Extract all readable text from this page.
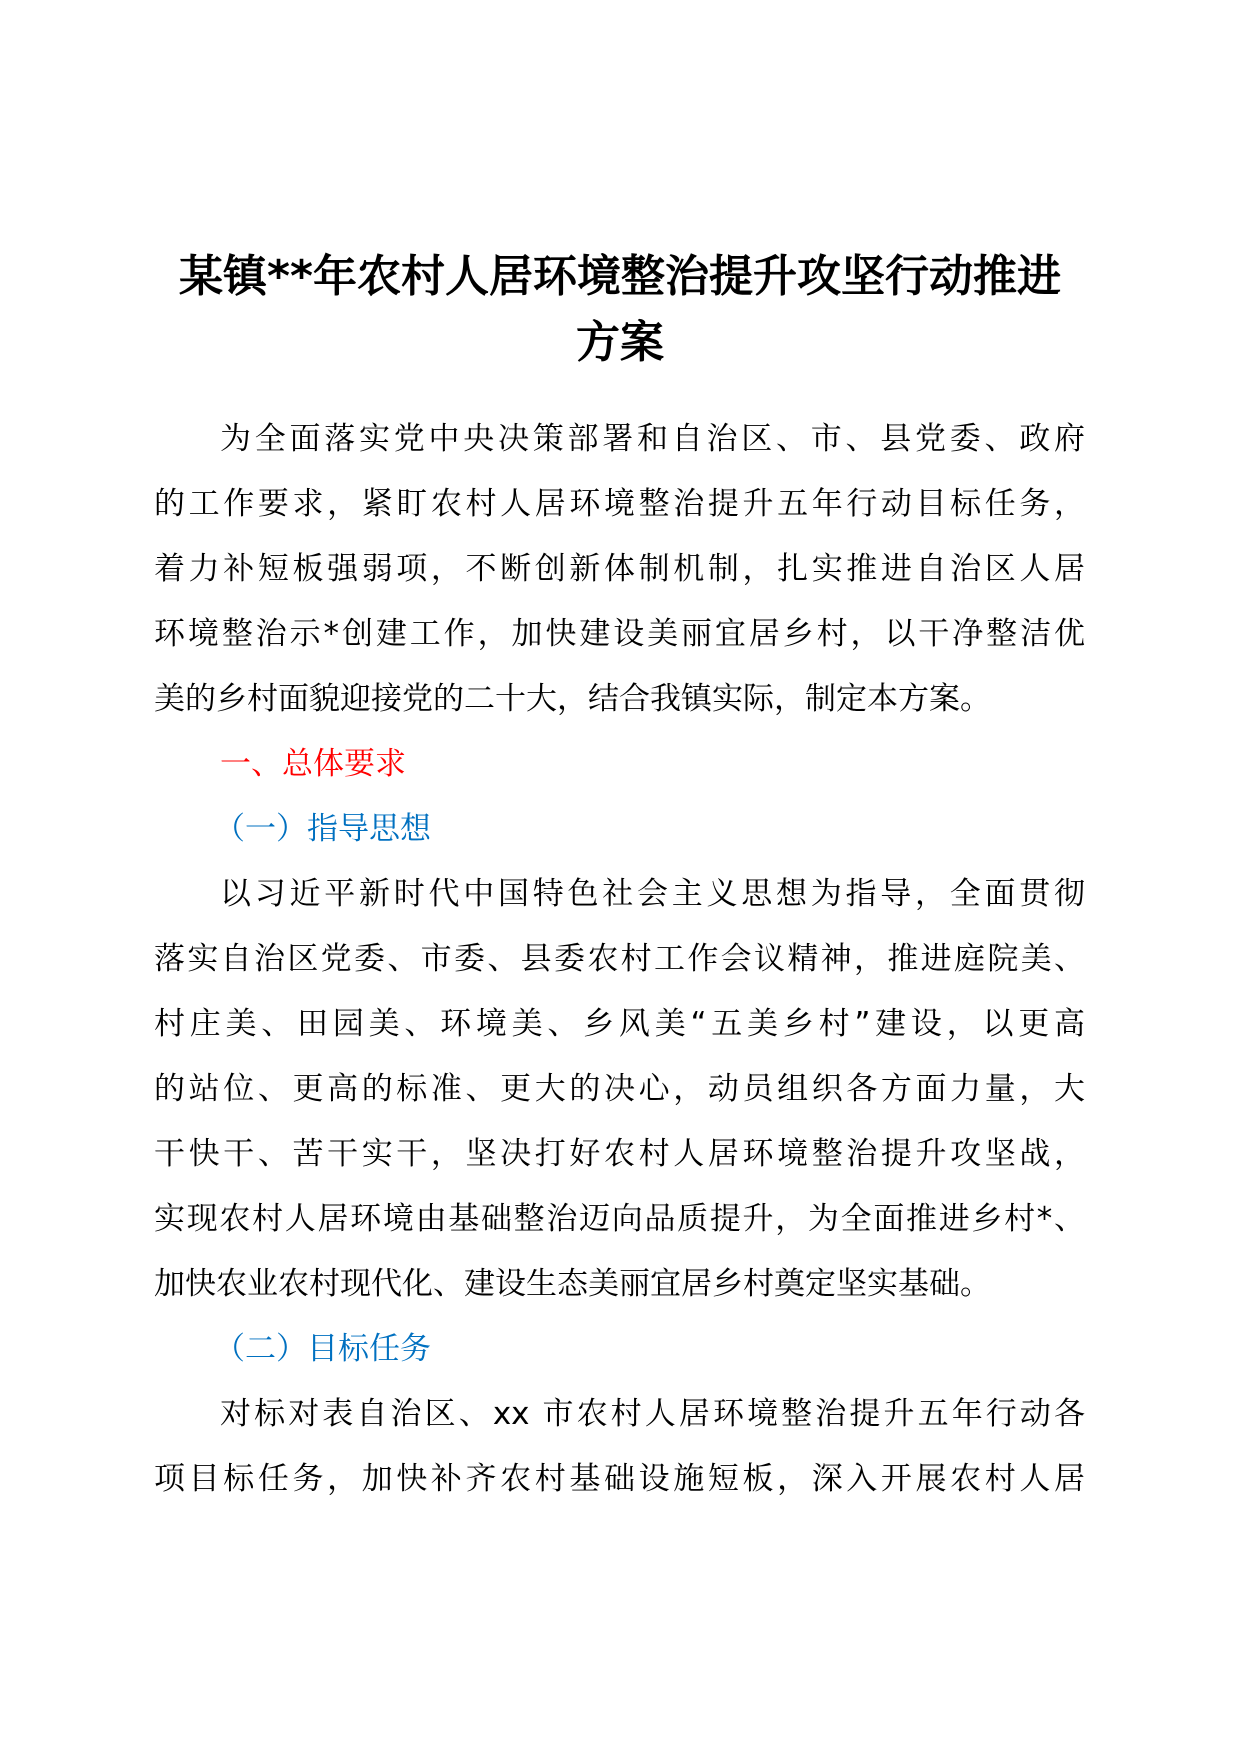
某镇**年农村人居环境整治提升攻坚行动推进
方案
为全面落实党中央决策部署和自治区、市、县党委、政府
的工作要求，紧盯农村人居环境整治提升五年行动目标任务，
着力补短板强弱项，不断创新体制机制，扎实推进自治区人居
环境整治示*创建工作，加快建设美丽宜居乡村，以干净整洁优
美的乡村面貌迎接党的二十大，结合我镇实际，制定本方案。
一、总体要求
（一）指导思想
以习近平新时代中国特色社会主义思想为指导，全面贯彻
落实自治区党委、市委、县委农村工作会议精神，推进庭院美、
村庄美、田园美、环境美、乡风美“五美乡村”建设，以更高
的站位、更高的标准、更大的决心，动员组织各方面力量，大
干快干、苦干实干，坚决打好农村人居环境整治提升攻坚战，
实现农村人居环境由基础整治迈向品质提升，为全面推进乡村*、
加快农业农村现代化、建设生态美丽宜居乡村奠定坚实基础。
（二）目标任务
对标对表自治区、xx 市农村人居环境整治提升五年行动各
项目标任务，加快补齐农村基础设施短板，深入开展农村人居
